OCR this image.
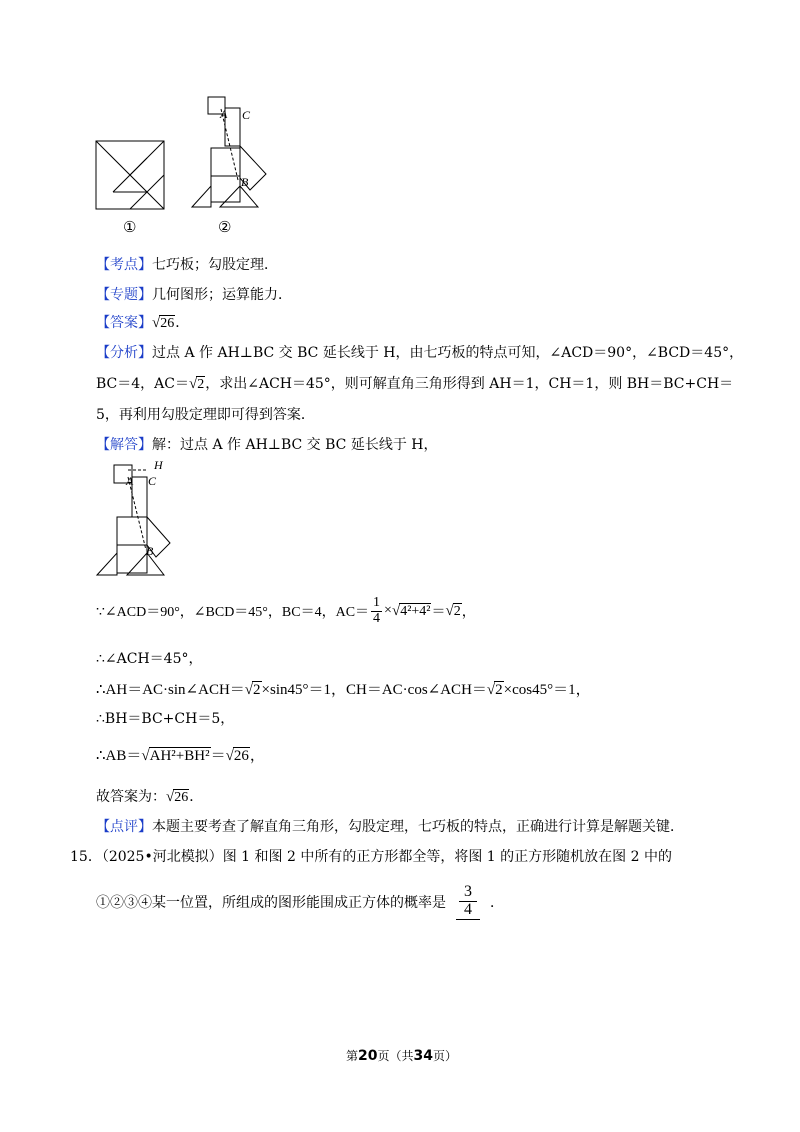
A C
B
①	②
【考点】七巧板；勾股定理．
【专题】几何图形；运算能力．
【答案】√26．
【分析】过点 A 作 AH⊥BC 交 BC 延长线于 H，由七巧板的特点可知，∠ACD＝90°，∠BCD＝45°，
BC＝4，AC＝√2，求出∠ACH＝45°，则可解直角三角形得到 AH＝1，CH＝1，则 BH＝BC+CH＝
5，再利用勾股定理即可得到答案．
【解答】解：过点 A 作 AH⊥BC 交 BC 延长线于 H，
H
A C
B
∵∠ACD＝90°，∠BCD＝45°，BC＝4，$AC= \frac{1}{4}$ × √ 4²+4² ＝ √ 2 ，
∴∠ACH＝45°，
∴AH＝AC·sin∠ACH＝√2×sin45°＝1，CH＝AC·cos∠ACH＝√2×cos45°＝1，
∴BH＝BC+CH＝5，
∴AB＝√AH²+BH²＝√26，
故答案为：√26．
【点评】本题主要考查了解直角三角形，勾股定理，七巧板的特点，正确进行计算是解题关键．
15．（2025•河北模拟）图 1 和图 2 中所有的正方形都全等，将图 1 的正方形随机放在图 2 中的
①②③④某一位置，所组成的图形能围成正方体的概率是 $\frac{3}{4}$ ．
第20页（共34页）
